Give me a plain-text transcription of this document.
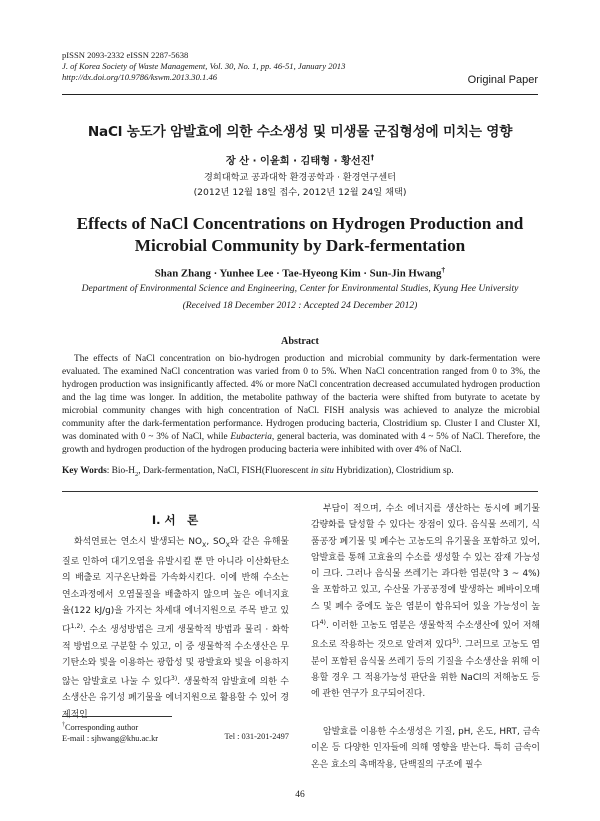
pISSN 2093-2332 eISSN 2287-5638
J. of Korea Society of Waste Management, Vol. 30, No. 1, pp. 46-51, January 2013
http://dx.doi.org/10.9786/kswm.2013.30.1.46	Original Paper
NaCl 농도가 암발효에 의한 수소생성 및 미생물 군집형성에 미치는 영향
장 산 · 이윤희 · 김태형 · 황선진†
경희대학교 공과대학 환경공학과 · 환경연구센터
(2012년 12월 18일 접수, 2012년 12월 24일 채택)
Effects of NaCl Concentrations on Hydrogen Production and Microbial Community by Dark-fermentation
Shan Zhang · Yunhee Lee · Tae-Hyeong Kim · Sun-Jin Hwang†
Department of Environmental Science and Engineering, Center for Environmental Studies, Kyung Hee University
(Received 18 December 2012 : Accepted 24 December 2012)
Abstract
The effects of NaCl concentration on bio-hydrogen production and microbial community by dark-fermentation were evaluated. The examined NaCl concentration was varied from 0 to 5%. When NaCl concentration ranged from 0 to 3%, the hydrogen production was insignificantly affected. 4% or more NaCl concentration decreased accumulated hydrogen production and the lag time was longer. In addition, the metabolite pathway of the bacteria were shifted from butyrate to acetate by microbial community changes with high concentration of NaCl. FISH analysis was achieved to analyze the microbial community after the dark-fermentation performance. Hydrogen producing bacteria, Clostridium sp. Cluster I and Cluster XI, was dominated with 0 ~ 3% of NaCl, while Eubacteria, general bacteria, was dominated with 4 ~ 5% of NaCl. Therefore, the growth and hydrogen production of the hydrogen producing bacteria were inhibited with over 4% of NaCl.
Key Words: Bio-$H_2$, Dark-fermentation, NaCl, FISH(Fluorescent in situ Hybridization), Clostridium sp.
I. 서　론
화석연료는 연소시 발생되는 $NO_X$, $SO_X$와 같은 유해물질로 인하여 대기오염을 유발시킬 뿐 만 아니라 이산화탄소의 배출로 지구온난화를 가속화시킨다. 이에 반해 수소는 연소과정에서 오염물질을 배출하지 않으며 높은 에너지효율(122 kJ/g)을 가지는 차세대 에너지원으로 주목 받고 있다$^{1,2)}$. 수소 생성방법은 크게 생물학적 방법과 물리 · 화학적 방법으로 구분할 수 있고, 이 중 생물학적 수소생산은 무기탄소와 빛을 이용하는 광합성 및 광발효와 빛을 이용하지 않는 암발효로 나눌 수 있다$^{3)}$. 생물학적 암발효에 의한 수소생산은 유기성 폐기물을 에너지원으로 활용할 수 있어 경제적인
†Corresponding author
E-mail : sjhwang@khu.ac.kr	Tel : 031-201-2497
부담이 적으며, 수소 에너지를 생산하는 동시에 폐기물 감량화를 달성할 수 있다는 장점이 있다. 음식물 쓰레기, 식품공장 폐기물 및 폐수는 고농도의 유기물을 포함하고 있어, 암발효를 통해 고효율의 수소를 생성할 수 있는 잠재 가능성이 크다. 그러나 음식물 쓰레기는 과다한 염분(약 3 ~ 4%)을 포함하고 있고, 수산물 가공공정에 발생하는 폐바이오매스 및 폐수 중에도 높은 염분이 함유되어 있을 가능성이 높다$^{4)}$. 이러한 고농도 염분은 생물학적 수소생산에 있어 저해요소로 작용하는 것으로 알려져 있다$^{5)}$. 그러므로 고농도 염분이 포함된 음식물 쓰레기 등의 기질을 수소생산을 위해 이용할 경우 그 적용가능성 판단을 위한 NaCl의 저해농도 등에 관한 연구가 요구되어진다.
암발효를 이용한 수소생성은 기질, pH, 온도, HRT, 금속이온 등 다양한 인자들에 의해 영향을 받는다. 특히 금속이온은 효소의 촉매작용, 단백질의 구조에 필수
46
